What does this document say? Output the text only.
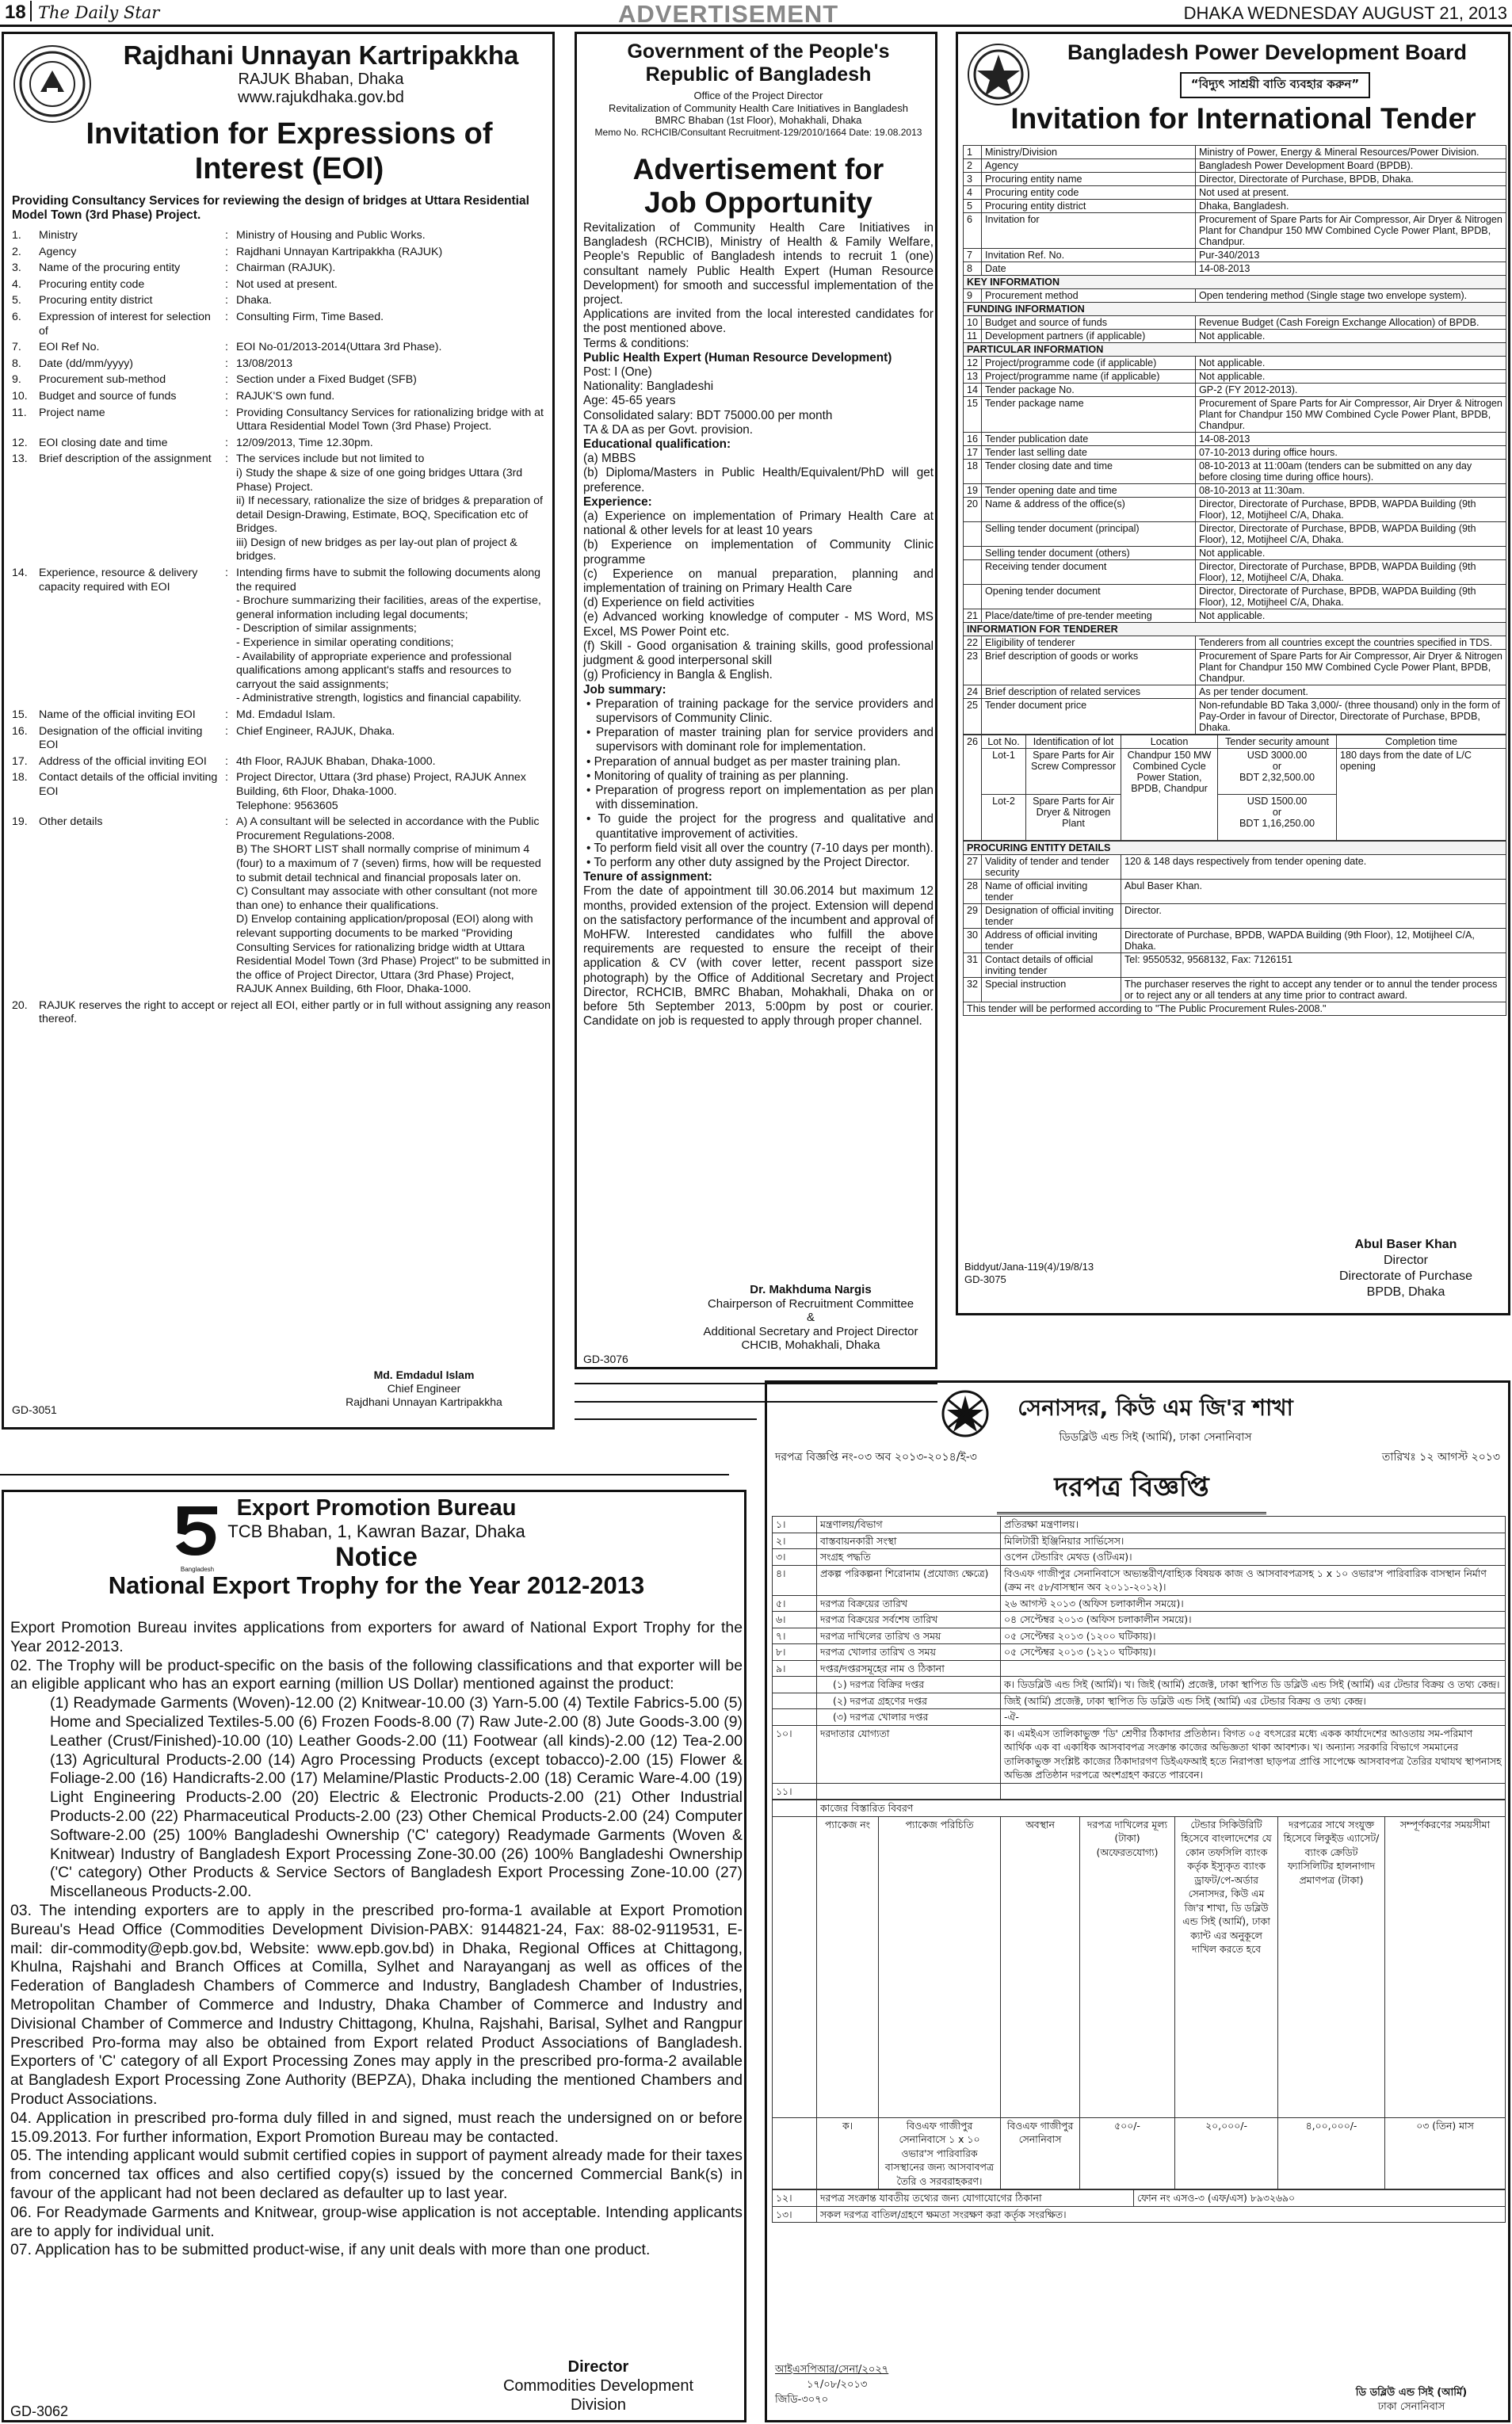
18 The Daily Star	ADVERTISEMENT	DHAKA WEDNESDAY AUGUST 21, 2013
Rajdhani Unnayan Kartripakkha
RAJUK Bhaban, Dhaka
www.rajukdhaka.gov.bd
Invitation for Expressions of Interest (EOI)
Providing Consultancy Services for reviewing the design of bridges at Uttara Residential Model Town (3rd Phase) Project.
1.	Ministry	: Ministry of Housing and Public Works.
2.	Agency	: Rajdhani Unnayan Kartripakkha (RAJUK)
3.	Name of the procuring entity	: Chairman (RAJUK).
4.	Procuring entity code	: Not used at present.
5.	Procuring entity district	: Dhaka.
6.	Expression of interest for selection of
: Consulting Firm, Time Based.
7.	EOI Ref No.	: EOI No-01/2013-2014(Uttara 3rd Phase).
8.	Date (dd/mm/yyyy)	: 13/08/2013
9.	Procurement sub-method	: Section under a Fixed Budget (SFB)
10.	Budget and source of funds	: RAJUK'S own fund.
11.	Project name	: Providing Consultancy Services for rationalizing bridge with at Uttara Residential Model Town (3rd Phase) Project.
12.	EOI closing date and time	: 12/09/2013, Time 12.30pm.
13.	Brief description of the assignment	: The services include but not limited to
i) Study the shape & size of one going bridges Uttara (3rd Phase) Project.
ii) If necessary, rationalize the size of bridges & preparation of detail Design-Drawing, Estimate, BOQ, Specification etc of Bridges.
iii) Design of new bridges as per lay-out plan of project & bridges.
14.	Experience, resource & delivery capacity required with EOI
: Intending firms have to submit the following documents along the required
- Brochure summarizing their facilities, areas of the expertise, general information including legal documents;
- Description of similar assignments;
- Experience in similar operating conditions;
- Availability of appropriate experience and professional qualifications among applicant's staffs and resources to carryout the said assignments;
- Administrative strength, logistics and financial capability.
15.	Name of the official inviting EOI	: Md. Emdadul Islam.
16.	Designation of the official inviting EOI
: Chief Engineer, RAJUK, Dhaka.
17.	Address of the official inviting EOI	: 4th Floor, RAJUK Bhaban, Dhaka-1000.
18.	Contact details of the official inviting EOI
: Project Director, Uttara (3rd phase) Project, RAJUK Annex Building, 6th Floor, Dhaka-1000.
Telephone: 9563605
19.	Other details	: A) A consultant will be selected in accordance with the Public Procurement Regulations-2008.
B) The SHORT LIST shall normally comprise of minimum 4 (four) to a maximum of 7 (seven) firms, how will be requested to submit detail technical and financial proposals later on.
C) Consultant may associate with other consultant (not more than one) to enhance their qualifications.
D) Envelop containing application/proposal (EOI) along with relevant supporting documents to be marked "Providing Consulting Services for rationalizing bridge width at Uttara Residential Model Town (3rd Phase) Project" to be submitted in the office of Project Director, Uttara (3rd Phase) Project, RAJUK Annex Building, 6th Floor, Dhaka-1000.
20.	RAJUK reserves the right to accept or reject all EOI, either partly or in full without assigning any reason thereof.
Md. Emdadul Islam
Chief Engineer
Rajdhani Unnayan Kartripakkha
GD-3051
Government of the People's Republic of Bangladesh
Office of the Project Director
Revitalization of Community Health Care Initiatives in Bangladesh
BMRC Bhaban (1st Floor), Mohakhali, Dhaka
Memo No. RCHCIB/Consultant Recruitment-129/2010/1664 Date: 19.08.2013
Advertisement for Job Opportunity

Revitalization of Community Health Care Initiatives in Bangladesh (RCHCIB), Ministry of Health & Family Welfare, People's Republic of Bangladesh intends to recruit 1 (one) consultant namely Public Health Expert (Human Resource Development) for smooth and successful implementation of the project.

Applications are invited from the local interested candidates for the post mentioned above.

Terms & conditions:

Public Health Expert (Human Resource Development)

Post: I (One)
Nationality: Bangladeshi
Age: 45-65 years
Consolidated salary: BDT 75000.00 per month
TA & DA as per Govt. provision.

Educational qualification:

(a) MBBS
(b) Diploma/Masters in Public Health/Equivalent/PhD will get preference.

Experience:

(a) Experience on implementation of Primary Health Care at national & other levels for at least 10 years
(b) Experience on implementation of Community Clinic programme
(c) Experience on manual preparation, planning and implementation of training on Primary Health Care
(d) Experience on field activities
(e) Advanced working knowledge of computer - MS Word, MS Excel, MS Power Point etc.
(f) Skill - Good organisation & training skills, good professional judgment & good interpersonal skill
(g) Proficiency in Bangla & English.

Job summary:

• Preparation of training package for the service providers and supervisors of Community Clinic.
• Preparation of master training plan for service providers and supervisors with dominant role for implementation.
• Preparation of annual budget as per master training plan.
• Monitoring of quality of training as per planning.
• Preparation of progress report on implementation as per plan with dissemination.
• To guide the project for the progress and qualitative and quantitative improvement of activities.
• To perform field visit all over the country (7-10 days per month).
• To perform any other duty assigned by the Project Director.

Tenure of assignment:

From the date of appointment till 30.06.2014 but maximum 12 months, provided extension of the project. Extension will depend on the satisfactory performance of the incumbent and approval of MoHFW. Interested candidates who fulfill the above requirements are requested to ensure the receipt of their application & CV (with cover letter, recent passport size photograph) by the Office of Additional Secretary and Project Director, RCHCIB, BMRC Bhaban, Mohakhali, Dhaka on or before 5th September 2013, 5:00pm by post or courier. Candidate on job is requested to apply through proper channel.

Dr. Makhduma Nargis
Chairperson of Recruitment Committee
&
Additional Secretary and Project Director
CHCIB, Mohakhali, Dhaka
GD-3076
Bangladesh Power Development Board
“বিদ্যুৎ সাশ্রয়ী বাতি ব্যবহার করুন”
Invitation for International Tender
1	Ministry/Division	Ministry of Power, Energy & Mineral Resources/Power Division.
2	Agency	Bangladesh Power Development Board (BPDB).
3	Procuring entity name	Director, Directorate of Purchase, BPDB, Dhaka.
4	Procuring entity code	Not used at present.
5	Procuring entity district	Dhaka, Bangladesh.
6	Invitation for	Procurement of Spare Parts for Air Compressor, Air Dryer & Nitrogen Plant for Chandpur 150 MW Combined Cycle Power Plant, BPDB, Chandpur.
7	Invitation Ref. No.	Pur-340/2013
8	Date	14-08-2013
KEY INFORMATION		
9	Procurement method	Open tendering method (Single stage two envelope system).
FUNDING INFORMATION		
10	Budget and source of funds	Revenue Budget (Cash Foreign Exchange Allocation) of BPDB.
11	Development partners (if applicable)	Not applicable.
PARTICULAR INFORMATION		
12	Project/programme code (if applicable)	Not applicable.
13	Project/programme name (if applicable)	Not applicable.
14	Tender package No.	GP-2 (FY 2012-2013).
15	Tender package name	Procurement of Spare Parts for Air Compressor, Air Dryer & Nitrogen Plant for Chandpur 150 MW Combined Cycle Power Plant, BPDB, Chandpur.
16	Tender publication date	14-08-2013
17	Tender last selling date	07-10-2013 during office hours.
18	Tender closing date and time	08-10-2013 at 11:00am (tenders can be submitted on any day before closing time during office hours).
19	Tender opening date and time	08-10-2013 at 11:30am.
20	Name & address of the office(s)	Director, Directorate of Purchase, BPDB, WAPDA Building (9th Floor), 12, Motijheel C/A, Dhaka.
	Selling tender document (principal)	Director, Directorate of Purchase, BPDB, WAPDA Building (9th Floor), 12, Motijheel C/A, Dhaka.
	Selling tender document (others)	Not applicable.
	Receiving tender document	Director, Directorate of Purchase, BPDB, WAPDA Building (9th Floor), 12, Motijheel C/A, Dhaka.
	Opening tender document	Director, Directorate of Purchase, BPDB, WAPDA Building (9th Floor), 12, Motijheel C/A, Dhaka.
21	Place/date/time of pre-tender meeting	Not applicable.
INFORMATION FOR TENDERER		
22	Eligibility of tenderer	Tenderers from all countries except the countries specified in TDS.
23	Brief description of goods or works	Procurement of Spare Parts for Air Compressor, Air Dryer & Nitrogen Plant for Chandpur 150 MW Combined Cycle Power Plant, BPDB, Chandpur.
24	Brief description of related services	As per tender document.
25	Tender document price	Non-refundable BD Taka 3,000/- (three thousand) only in the form of Pay-Order in favour of Director, Directorate of Purchase, BPDB, Dhaka.
26	Lot No.	Identification of lot	Location	Tender security amount	Completion time
	Lot-1	Spare Parts for Air Screw Compressor	Chandpur 150 MW Combined Cycle Power Station, BPDB, Chandpur	USD 3000.00
or
BDT 2,32,500.00	180 days from the date of L/C opening
	Lot-2	Spare Parts for Air Dryer & Nitrogen Plant		USD 1500.00
or
BDT 1,16,250.00	
PROCURING ENTITY DETAILS		
27	Validity of tender and tender security	120 & 148 days respectively from tender opening date.
28	Name of official inviting tender	Abul Baser Khan.
29	Designation of official inviting tender	Director.
30	Address of official inviting tender	Directorate of Purchase, BPDB, WAPDA Building (9th Floor), 12, Motijheel C/A, Dhaka.
31	Contact details of official inviting tender	Tel: 9550532, 9568132, Fax: 7126151
32	Special instruction	The purchaser reserves the right to accept any tender or to annul the tender process or to reject any or all tenders at any time prior to contract award.
This tender will be performed according to "The Public Procurement Rules-2008."
Biddyut/Jana-119(4)/19/8/13
GD-3075
Abul Baser Khan
Director
Directorate of Purchase
BPDB, Dhaka
Bangladesh
Export Promotion Bureau
TCB Bhaban, 1, Kawran Bazar, Dhaka
Notice
National Export Trophy for the Year 2012-2013

Export Promotion Bureau invites applications from exporters for award of National Export Trophy for the Year 2012-2013.

02. The Trophy will be product-specific on the basis of the following classifications and that exporter will be an eligible applicant who has an export earning (million US Dollar) mentioned against the product:

(1) Readymade Garments (Woven)-12.00 (2) Knitwear-10.00 (3) Yarn-5.00 (4) Textile Fabrics-5.00 (5) Home and Specialized Textiles-5.00 (6) Frozen Foods-8.00 (7) Raw Jute-2.00 (8) Jute Goods-3.00 (9) Leather (Crust/Finished)-10.00 (10) Leather Goods-2.00 (11) Footwear (all kinds)-2.00 (12) Tea-2.00 (13) Agricultural Products-2.00 (14) Agro Processing Products (except tobacco)-2.00 (15) Flower & Foliage-2.00 (16) Handicrafts-2.00 (17) Melamine/Plastic Products-2.00 (18) Ceramic Ware-4.00 (19) Light Engineering Products-2.00 (20) Electric & Electronic Products-2.00 (21) Other Industrial Products-2.00 (22) Pharmaceutical Products-2.00 (23) Other Chemical Products-2.00 (24) Computer Software-2.00 (25) 100% Bangladeshi Ownership ('C' category) Readymade Garments (Woven & Knitwear) Industry of Bangladesh Export Processing Zone-30.00 (26) 100% Bangladeshi Ownership ('C' category) Other Products & Service Sectors of Bangladesh Export Processing Zone-10.00 (27) Miscellaneous Products-2.00.

03. The intending exporters are to apply in the prescribed pro-forma-1 available at Export Promotion Bureau's Head Office (Commodities Development Division-PABX: 9144821-24, Fax: 88-02-9119531, E-mail: dir-commodity@epb.gov.bd, Website: www.epb.gov.bd) in Dhaka, Regional Offices at Chittagong, Khulna, Rajshahi and Branch Offices at Comilla, Sylhet and Narayanganj as well as offices of the Federation of Bangladesh Chambers of Commerce and Industry, Bangladesh Chamber of Industries, Metropolitan Chamber of Commerce and Industry, Dhaka Chamber of Commerce and Industry and Divisional Chamber of Commerce and Industry Chittagong, Khulna, Rajshahi, Barisal, Sylhet and Rangpur Prescribed Pro-forma may also be obtained from Export related Product Associations of Bangladesh. Exporters of 'C' category of all Export Processing Zones may apply in the prescribed pro-forma-2 available at Bangladesh Export Processing Zone Authority (BEPZA), Dhaka including the mentioned Chambers and Product Associations.

04. Application in prescribed pro-forma duly filled in and signed, must reach the undersigned on or before 15.09.2013. For further information, Export Promotion Bureau may be contacted.

05. The intending applicant would submit certified copies in support of payment already made for their taxes from concerned tax offices and also certified copy(s) issued by the concerned Commercial Bank(s) in favour of the applicant had not been declared as defaulter up to last year.

06. For Readymade Garments and Knitwear, group-wise application is not acceptable. Intending applicants are to apply for individual unit.

07. Application has to be submitted product-wise, if any unit deals with more than one product.

Director
Commodities Development
Division
GD-3062
সেনাসদর, কিউ এম জি'র শাখা
ডিডব্লিউ এন্ড সিই (আর্মি), ঢাকা সেনানিবাস
দরপত্র বিজ্ঞপ্তি নং-০৩ অব ২০১৩-২০১৪/ই-৩	তারিখঃ ১২ আগস্ট ২০১৩
দরপত্র বিজ্ঞপ্তি
১।	মন্ত্রণালয়/বিভাগ	প্রতিরক্ষা মন্ত্রণালয়।
২।	বাস্তবায়নকারী সংস্থা	মিলিটারী ইঞ্জিনিয়ার সার্ভিসেস।
৩।	সংগ্রহ পদ্ধতি	ওপেন টেন্ডারিং মেথড (ওটিএম)।
৪।	প্রকল্প পরিকল্পনা শিরোনাম (প্রযোজ্য ক্ষেত্রে)	বিওএফ গাজীপুর সেনানিবাসে অভ্যন্তরীণ/বাহ্যিক বিষয়ক কাজ ও আসবাবপত্রসহ ১ x ১০ ওভার'স পারিবারিক বাসস্থান নির্মাণ (ক্রম নং ৫৮/বাসস্থান অব ২০১১-২০১২)।
৫।	দরপত্র বিক্রয়ের তারিখ	২৬ আগস্ট ২০১৩ (অফিস চলাকালীন সময়ে)।
৬।	দরপত্র বিক্রয়ের সর্বশেষ তারিখ	০৪ সেপ্টেম্বর ২০১৩ (অফিস চলাকালীন সময়ে)।
৭।	দরপত্র দাখিলের তারিখ ও সময়	০৫ সেপ্টেম্বর ২০১৩ (১২০০ ঘটিকায়)।
৮।	দরপত্র খোলার তারিখ ও সময়	০৫ সেপ্টেম্বর ২০১৩ (১২১০ ঘটিকায়)।
৯।	দপ্তর/দপ্তরসমূহের নাম ও ঠিকানা	
	(১) দরপত্র বিক্রির দপ্তর	ক। ডিডব্লিউ এন্ড সিই (আর্মি)। খ। জিই (আর্মি) প্রজেক্ট, ঢাকা স্থাপিত ডি ডব্লিউ এন্ড সিই (আর্মি) এর টেন্ডার বিক্রয় ও তথ্য কেন্দ্র।
	(২) দরপত্র গ্রহণের দপ্তর	জিই (আর্মি) প্রজেক্ট, ঢাকা স্থাপিত ডি ডব্লিউ এন্ড সিই (আর্মি) এর টেন্ডার বিক্রয় ও তথ্য কেন্দ্র।
	(৩) দরপত্র খোলার দপ্তর	-ঐ-
১০।	দরদাতার যোগ্যতা	ক। এমইএস তালিকাভুক্ত 'ডি' শ্রেণীর ঠিকাদার প্রতিষ্ঠান। বিগত ০৫ বৎসরের মধ্যে একক কার্যাদেশের আওতায় সম-পরিমাণ আর্থিক এক বা একাধিক আসবাবপত্র সংক্রান্ত কাজের অভিজ্ঞতা থাকা আবশ্যক। খ। অন্যান্য সরকারি বিভাগে সমমানের তালিকাভুক্ত সংশ্লিষ্ট কাজের ঠিকাদারগণ ডিইএফআই হতে নিরাপত্তা ছাড়পত্র প্রাপ্তি সাপেক্ষে আসবাবপত্র তৈরির যথাযথ স্থাপনাসহ অভিজ্ঞ প্রতিষ্ঠান দরপত্রে অংশগ্রহণ করতে পারবেন।
১১।		
	কাজের বিস্তারিত বিবরণ						
	প্যাকেজ নং	প্যাকেজ পরিচিতি	অবস্থান	দরপত্র দাখিলের মূল্য (টাকা) (অফেরতযোগ্য)	টেন্ডার সিকিউরিটি হিসেবে বাংলাদেশের যে কোন তফসিলি ব্যাংক কর্তৃক ইস্যুকৃত ব্যাংক ড্রাফট/পে-অর্ডার সেনাসদর, কিউ এম জি'র শাখা, ডি ডব্লিউ এন্ড সিই (আর্মি), ঢাকা ক্যান্ট এর অনুকূলে দাখিল করতে হবে	দরপত্রের সাথে সংযুক্ত হিসেবে লিকুইড এ্যাসেট/ব্যাংক ক্রেডিট ফ্যাসিলিটির হালনাগাদ প্রমাণপত্র (টাকা)	সম্পূর্ণকরণের সময়সীমা
	ক।	বিওএফ গাজীপুর সেনানিবাসে ১ x ১০ ওভার'স পারিবারিক বাসস্থানের জন্য আসবাবপত্র তৈরি ও সরবরাহকরণ।	বিওএফ গাজীপুর সেনানিবাস	৫০০/-	২০,০০০/-	৪,০০,০০০/-	০৩ (তিন) মাস
১২।	দরপত্র সংক্রান্ত যাবতীয় তথ্যের জন্য যোগাযোগের ঠিকানা	ফোন নং এসও-৩ (এফ/এস) ৮৯৩২৬৯০
১৩।	সকল দরপত্র বাতিল/গ্রহণে ক্ষমতা সংরক্ষণ করা কর্তৃক সংরক্ষিত।	
আইএসপিআর/সেনা/২০২৭
১৭/০৮/২০১৩
জিডি-৩০৭০
ডি ডব্লিউ এন্ড সিই (আর্মি)
ঢাকা সেনানিবাস
